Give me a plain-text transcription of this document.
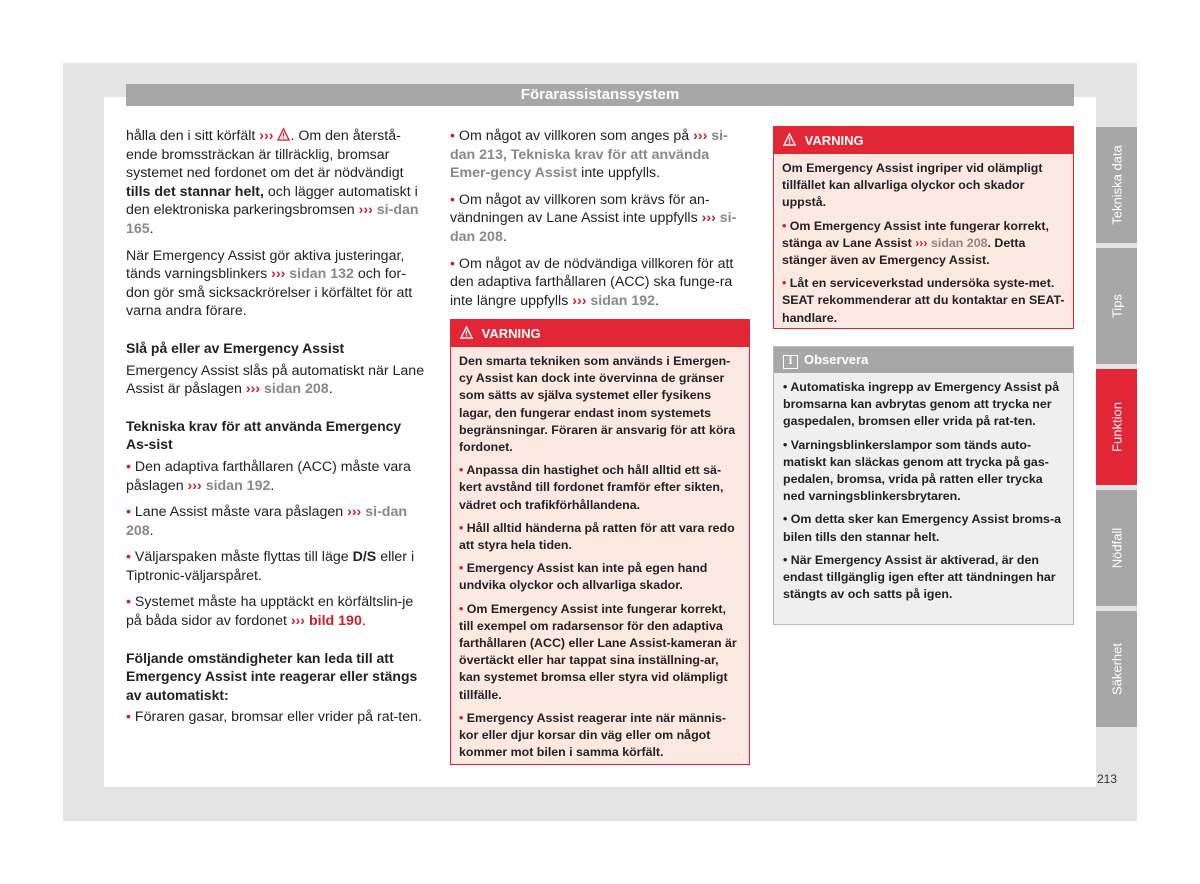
Förarassistanssystem

hålla den i sitt körfält ››› . Om den återstå-ende bromssträckan är tillräcklig, bromsar systemet ned fordonet om det är nödvändigt tills det stannar helt, och lägger automatiskt i den elektroniska parkeringsbromsen ››› si-dan 165.

När Emergency Assist gör aktiva justeringar, tänds varningsblinkers ››› sidan 132 och for-don gör små sicksackrörelser i körfältet för att varna andra förare.

Slå på eller av Emergency Assist

Emergency Assist slås på automatiskt när Lane Assist är påslagen ››› sidan 208.

Tekniska krav för att använda Emergency As-sist

• Den adaptiva farthållaren (ACC) måste vara påslagen ››› sidan 192.

• Lane Assist måste vara påslagen ››› si-dan 208.

• Väljarspaken måste flyttas till läge D/S eller i Tiptronic-väljarspåret.

• Systemet måste ha upptäckt en körfältslin-je på båda sidor av fordonet ››› bild 190.

Följande omständigheter kan leda till att Emergency Assist inte reagerar eller stängs av automatiskt:

• Föraren gasar, bromsar eller vrider på rat-ten.

• Om något av villkoren som anges på ››› si-dan 213, Tekniska krav för att använda Emer-gency Assist inte uppfylls.

• Om något av villkoren som krävs för an-vändningen av Lane Assist inte uppfylls ››› si-dan 208.

• Om något av de nödvändiga villkoren för att den adaptiva farthållaren (ACC) ska funge-ra inte längre uppfylls ››› sidan 192.

VARNING

Den smarta tekniken som används i Emergen-cy Assist kan dock inte övervinna de gränser som sätts av själva systemet eller fysikens lagar, den fungerar endast inom systemets begränsningar. Föraren är ansvarig för att köra fordonet.

• Anpassa din hastighet och håll alltid ett sä-kert avstånd till fordonet framför efter sikten, vädret och trafikförhållandena.

• Håll alltid händerna på ratten för att vara redo att styra hela tiden.

• Emergency Assist kan inte på egen hand undvika olyckor och allvarliga skador.

• Om Emergency Assist inte fungerar korrekt, till exempel om radarsensor för den adaptiva farthållaren (ACC) eller Lane Assist-kameran är övertäckt eller har tappat sina inställning-ar, kan systemet bromsa eller styra vid olämpligt tillfälle.

• Emergency Assist reagerar inte när männis-kor eller djur korsar din väg eller om något kommer mot bilen i samma körfält.

VARNING

Om Emergency Assist ingriper vid olämpligt tillfället kan allvarliga olyckor och skador uppstå.

• Om Emergency Assist inte fungerar korrekt, stänga av Lane Assist ››› sidan 208. Detta stänger även av Emergency Assist.

• Låt en serviceverkstad undersöka syste-met. SEAT rekommenderar att du kontaktar en SEAT-handlare.

i Observera

• Automatiska ingrepp av Emergency Assist på bromsarna kan avbrytas genom att trycka ner gaspedalen, bromsen eller vrida på rat-ten.

• Varningsblinkerslampor som tänds auto-matiskt kan släckas genom att trycka på gas-pedalen, bromsa, vrida på ratten eller trycka ned varningsblinkersbrytaren.

• Om detta sker kan Emergency Assist broms-a bilen tills den stannar helt.

• När Emergency Assist är aktiverad, är den endast tillgänglig igen efter att tändningen har stängts av och satts på igen.

Tekniska data
Tips
Funktion
Nödfall
Säkerhet
213
